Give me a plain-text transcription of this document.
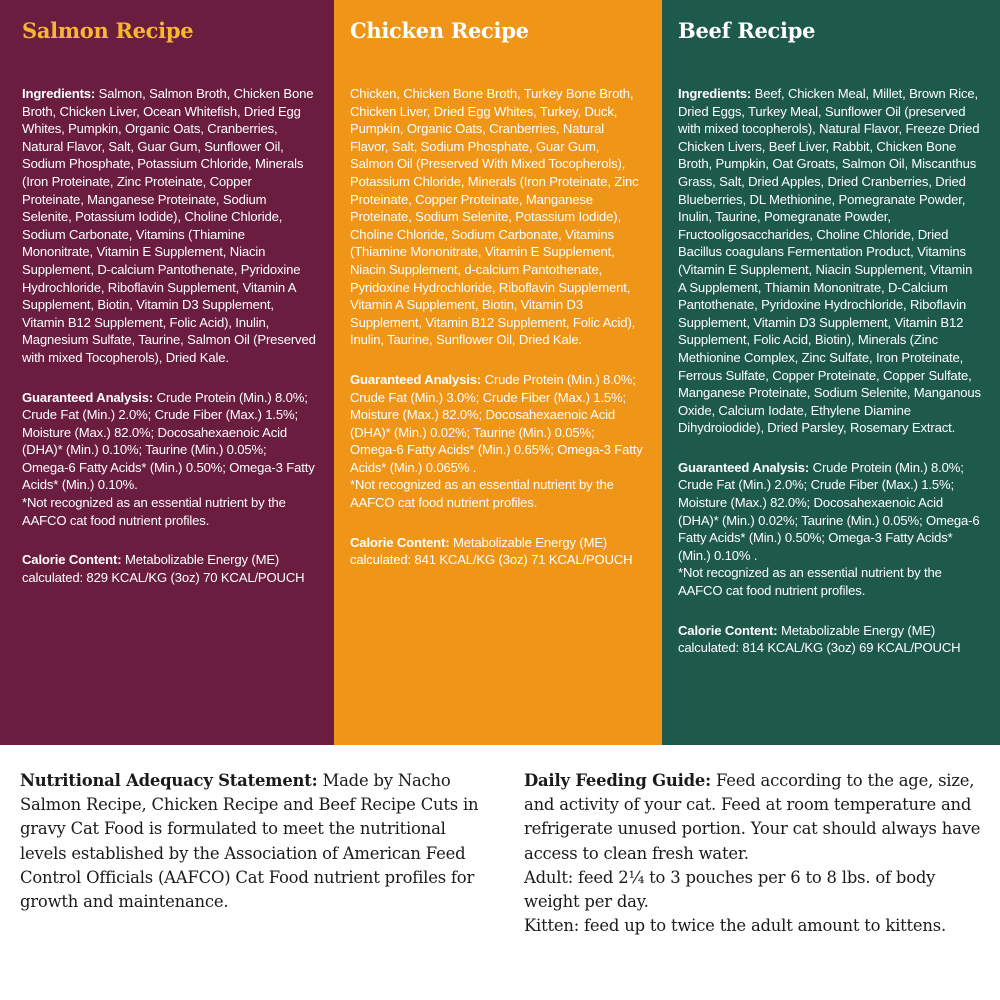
Salmon Recipe

Ingredients: Salmon, Salmon Broth, Chicken Bone Broth, Chicken Liver, Ocean Whitefish, Dried Egg Whites, Pumpkin, Organic Oats, Cranberries, Natural Flavor, Salt, Guar Gum, Sunflower Oil, Sodium Phosphate, Potassium Chloride, Minerals (Iron Proteinate, Zinc Proteinate, Copper Proteinate, Manganese Proteinate, Sodium Selenite, Potassium Iodide), Choline Chloride, Sodium Carbonate, Vitamins (Thiamine Mononitrate, Vitamin E Supplement, Niacin Supplement, D-calcium Pantothenate, Pyridoxine Hydrochloride, Riboflavin Supplement, Vitamin A Supplement, Biotin, Vitamin D3 Supplement, Vitamin B12 Supplement, Folic Acid), Inulin, Magnesium Sulfate, Taurine, Salmon Oil (Preserved with mixed Tocopherols), Dried Kale.

Guaranteed Analysis: Crude Protein (Min.) 8.0%; Crude Fat (Min.) 2.0%; Crude Fiber (Max.) 1.5%; Moisture (Max.) 82.0%; Docosahexaenoic Acid (DHA)* (Min.) 0.10%; Taurine (Min.) 0.05%; Omega-6 Fatty Acids* (Min.) 0.50%; Omega-3 Fatty Acids* (Min.) 0.10%.

*Not recognized as an essential nutrient by the AAFCO cat food nutrient profiles.

Calorie Content: Metabolizable Energy (ME) calculated: 829 KCAL/KG (3oz) 70 KCAL/POUCH

Chicken Recipe

Chicken, Chicken Bone Broth, Turkey Bone Broth, Chicken Liver, Dried Egg Whites, Turkey, Duck, Pumpkin, Organic Oats, Cranberries, Natural Flavor, Salt, Sodium Phosphate, Guar Gum, Salmon Oil (Preserved With Mixed Tocopherols), Potassium Chloride, Minerals (Iron Proteinate, Zinc Proteinate, Copper Proteinate, Manganese Proteinate, Sodium Selenite, Potassium Iodide), Choline Chloride, Sodium Carbonate, Vitamins (Thiamine Mononitrate, Vitamin E Supplement, Niacin Supplement, d-calcium Pantothenate, Pyridoxine Hydrochloride, Riboflavin Supplement, Vitamin A Supplement, Biotin, Vitamin D3 Supplement, Vitamin B12 Supplement, Folic Acid), Inulin, Taurine, Sunflower Oil, Dried Kale.

Guaranteed Analysis: Crude Protein (Min.) 8.0%; Crude Fat (Min.) 3.0%; Crude Fiber (Max.) 1.5%; Moisture (Max.) 82.0%; Docosahexaenoic Acid (DHA)* (Min.) 0.02%; Taurine (Min.) 0.05%; Omega-6 Fatty Acids* (Min.) 0.65%; Omega-3 Fatty Acids* (Min.) 0.065% .

*Not recognized as an essential nutrient by the AAFCO cat food nutrient profiles.

Calorie Content: Metabolizable Energy (ME) calculated: 841 KCAL/KG (3oz) 71 KCAL/POUCH

Beef Recipe

Ingredients: Beef, Chicken Meal, Millet, Brown Rice, Dried Eggs, Turkey Meal, Sunflower Oil (preserved with mixed tocopherols), Natural Flavor, Freeze Dried Chicken Livers, Beef Liver, Rabbit, Chicken Bone Broth, Pumpkin, Oat Groats, Salmon Oil, Miscanthus Grass, Salt, Dried Apples, Dried Cranberries, Dried Blueberries, DL Methionine, Pomegranate Powder, Inulin, Taurine, Pomegranate Powder, Fructooligosaccharides, Choline Chloride, Dried Bacillus coagulans Fermentation Product, Vitamins (Vitamin E Supplement, Niacin Supplement, Vitamin A Supplement, Thiamin Mononitrate, D-Calcium Pantothenate, Pyridoxine Hydrochloride, Riboflavin Supplement, Vitamin D3 Supplement, Vitamin B12 Supplement, Folic Acid, Biotin), Minerals (Zinc Methionine Complex, Zinc Sulfate, Iron Proteinate, Ferrous Sulfate, Copper Proteinate, Copper Sulfate, Manganese Proteinate, Sodium Selenite, Manganous Oxide, Calcium Iodate, Ethylene Diamine Dihydroiodide), Dried Parsley, Rosemary Extract.

Guaranteed Analysis: Crude Protein (Min.) 8.0%; Crude Fat (Min.) 2.0%; Crude Fiber (Max.) 1.5%; Moisture (Max.) 82.0%; Docosahexaenoic Acid (DHA)* (Min.) 0.02%; Taurine (Min.) 0.05%; Omega-6 Fatty Acids* (Min.) 0.50%; Omega-3 Fatty Acids* (Min.) 0.10% .

*Not recognized as an essential nutrient by the AAFCO cat food nutrient profiles.

Calorie Content: Metabolizable Energy (ME) calculated: 814 KCAL/KG (3oz) 69 KCAL/POUCH

Nutritional Adequacy Statement: Made by Nacho Salmon Recipe, Chicken Recipe and Beef Recipe Cuts in gravy Cat Food is formulated to meet the nutritional levels established by the Association of American Feed Control Officials (AAFCO) Cat Food nutrient profiles for growth and maintenance.

Daily Feeding Guide: Feed according to the age, size, and activity of your cat. Feed at room temperature and refrigerate unused portion. Your cat should always have access to clean fresh water.

Adult: feed 2¼ to 3 pouches per 6 to 8 lbs. of body weight per day.

Kitten: feed up to twice the adult amount to kittens.
